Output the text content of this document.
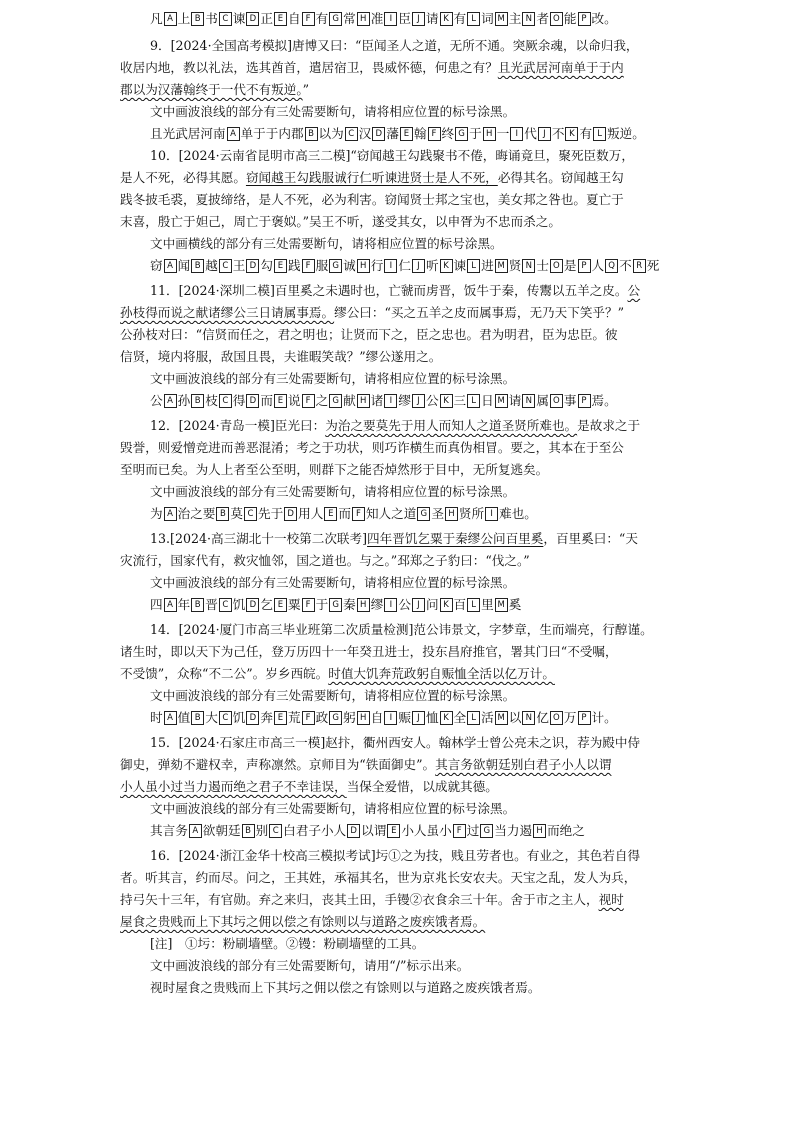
凡 A 上 B 书 C 谏 D 正 E 自 F 有 G 常 H 准 I 臣 J 请 K 有 L 词 M 主 N 者 O 能 P 改。
9．[2024·全国高考模拟]唐博又曰：“臣闻圣人之道，无所不通。突厥余魂，以命归我，
收居内地，教以礼法，选其酋首，遣居宿卫，畏威怀德，何患之有？且光武居河南单于于内
郡以为汉藩翰终于一代不有叛逆。”
文中画波浪线的部分有三处需要断句，请将相应位置的标号涂黑。
且光武居河南 A 单于于内郡 B 以为 C 汉 D 藩 E 翰 F 终 G 于 H 一 I 代 J 不 K 有 L 叛逆。
10．[2024·云南省昆明市高三二模]“窃闻越王勾践聚书不倦，晦诵竟旦，聚死臣数万，
是人不死，必得其愿。窃闻越王勾践服诚行仁听谏进贤士是人不死，必得其名。窃闻越王勾
践冬披毛裘，夏披缔络，是人不死，必为利害。窃闻贤士邦之宝也，美女邦之咎也。夏亡于
末喜，殷亡于妲己，周亡于褒姒。”吴王不听，遂受其女，以申胥为不忠而杀之。
文中画横线的部分有三处需要断句，请将相应位置的标号涂黑。
窃 A 闻 B 越 C 王 D 勾 E 践 F 服 G 诚 H 行 I 仁 J 听 K 谏 L 进 M 贤 N 士 O 是 P 人 Q 不 R 死
11．[2024·深圳二模]百里奚之未遇时也，亡虢而虏晋，饭牛于秦，传鬻以五羊之皮。公
孙枝得而说之献诸缪公三日请属事焉。缪公曰：“买之五羊之皮而属事焉，无乃天下笑乎？”
公孙枝对曰：“信贤而任之，君之明也；让贤而下之，臣之忠也。君为明君，臣为忠臣。彼
信贤，境内将服，敌国且畏，夫谁暇笑哉？”缪公遂用之。
文中画波浪线的部分有三处需要断句，请将相应位置的标号涂黑。
公 A 孙 B 枝 C 得 D 而 E 说 F 之 G 献 H 诸 I 缪 J 公 K 三 L 日 M 请 N 属 O 事 P 焉。
12．[2024·青岛一模]臣光曰：为治之要莫先于用人而知人之道圣贤所难也。是故求之于
毁誉，则爱憎竞进而善恶混淆；考之于功状，则巧诈横生而真伪相冒。要之，其本在于至公
至明而已矣。为人上者至公至明，则群下之能否焯然形于目中，无所复逃矣。
文中画波浪线的部分有三处需要断句，请将相应位置的标号涂黑。
为 A 治之要 B 莫 C 先于 D 用人 E 而 F 知人之道 G 圣 H 贤所 I 难也。
13.[2024·高三湖北十一校第二次联考]四年晋饥乞粟于秦缪公问百里奚，百里奚曰：“天
灾流行，国家代有，救灾恤邻，国之道也。与之。”邳郑之子豹曰：“伐之。”
文中画波浪线的部分有三处需要断句，请将相应位置的标号涂黑。
四 A 年 B 晋 C 饥 D 乞 E 粟 F 于 G 秦 H 缪 I 公 J 问 K 百 L 里 M 奚
14．[2024·厦门市高三毕业班第二次质量检测]范公讳景文，字梦章，生而端亮，行醇谨。
诸生时，即以天下为己任，登万历四十一年癸丑进士，投东昌府推官，署其门曰“不受嘱，
不受馈”，众称“不二公”。岁乡西皖。时值大饥奔荒政躬自赈恤全活以亿万计。
文中画波浪线的部分有三处需要断句，请将相应位置的标号涂黑。
时 A 值 B 大 C 饥 D 奔 E 荒 F 政 G 躬 H 自 I 赈 J 恤 K 全 L 活 M 以 N 亿 O 万 P 计。
15．[2024·石家庄市高三一模]赵抃，衢州西安人。翰林学士曾公亮未之识，荐为殿中侍
御史，弹劾不避权幸，声称凛然。京师目为“铁面御史”。其言务欲朝廷别白君子小人以谓
小人虽小过当力遏而绝之君子不幸诖误，当保全爱惜，以成就其德。
文中画波浪线的部分有三处需要断句，请将相应位置的标号涂黑。
其言务 A 欲朝廷 B 别 C 白君子小人 D 以谓 E 小人虽小 F 过 G 当力遏 H 而绝之
16．[2024·浙江金华十校高三模拟考试]圬①之为技，贱且劳者也。有业之，其色若自得
者。听其言，约而尽。问之，王其姓，承福其名，世为京兆长安农夫。天宝之乱，发人为兵，
持弓矢十三年，有官勋。弃之来归，丧其土田，手镘②衣食余三十年。舍于市之主人，视时
屋食之贵贱而上下其圬之佣以偿之有馀则以与道路之废疾饿者焉。
[注]　①圬：粉刷墙壁。②镘：粉刷墙壁的工具。
文中画波浪线的部分有三处需要断句，请用“/”标示出来。
视时屋食之贵贱而上下其圬之佣以偿之有馀则以与道路之废疾饿者焉。
